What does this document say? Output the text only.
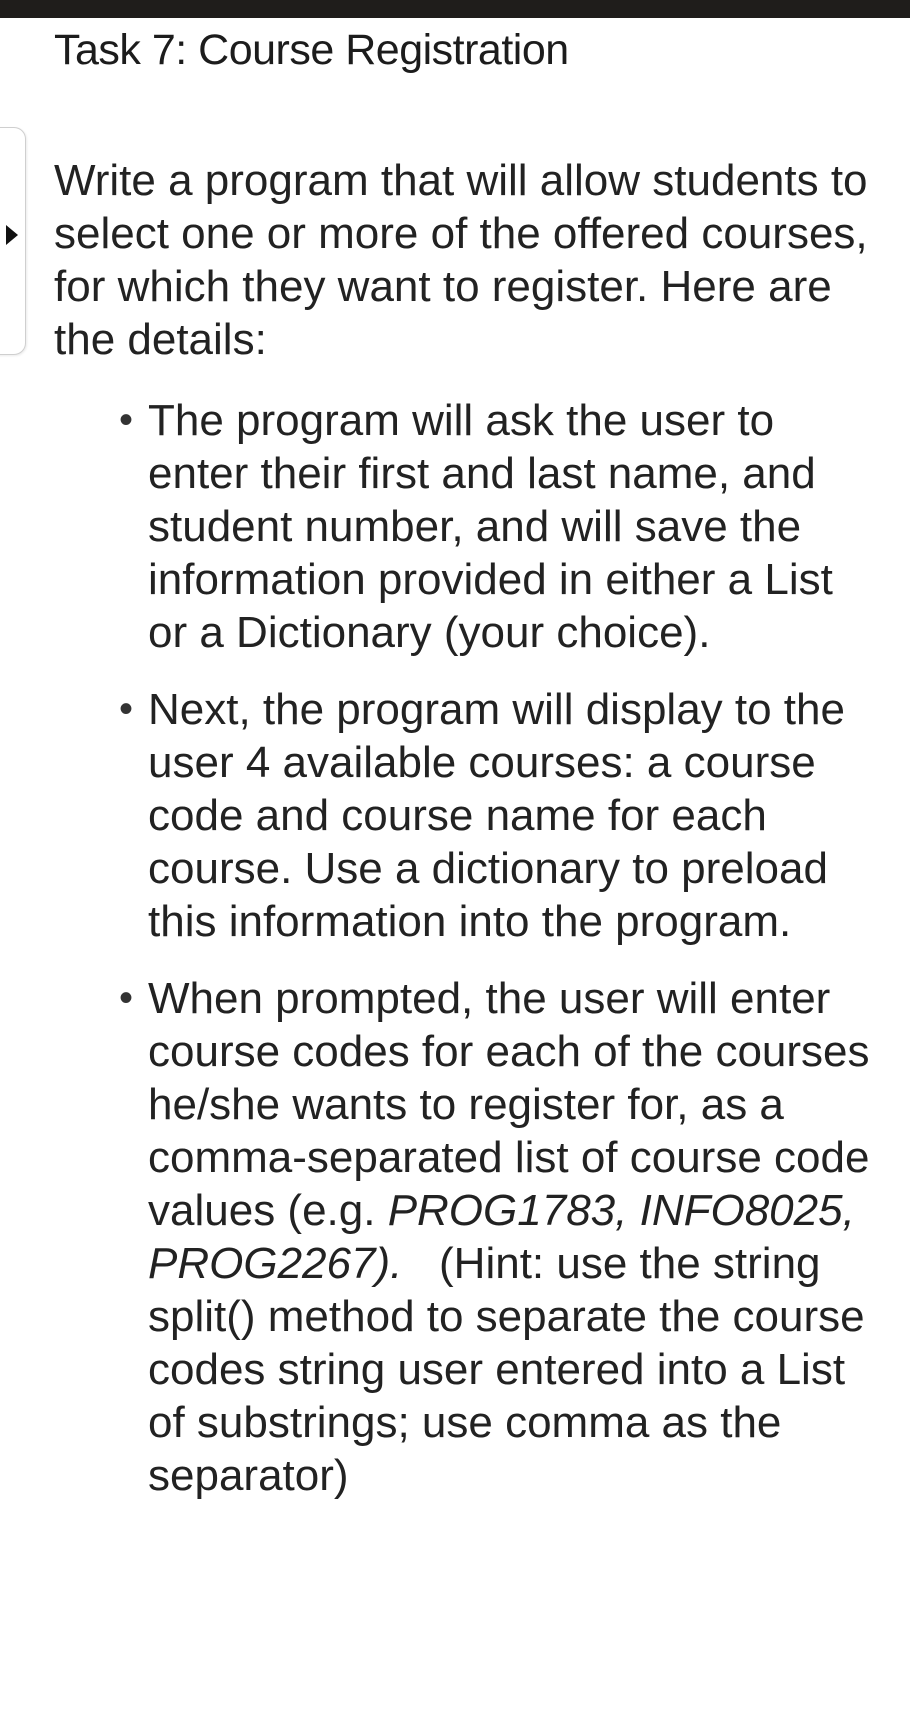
Task 7: Course Registration

Write a program that will allow students to select one or more of the offered courses, for which they want to register. Here are the details:

• The program will ask the user to enter their first and last name, and student number, and will save the information provided in either a List or a Dictionary (your choice).
• Next, the program will display to the user 4 available courses: a course code and course name for each course. Use a dictionary to preload this information into the program.
• When prompted, the user will enter course codes for each of the courses he/she wants to register for, as a comma-separated list of course code values (e.g. PROG1783, INFO8025, PROG2267).   (Hint: use the string split() method to separate the course codes string user entered into a List of substrings; use comma as the separator)
